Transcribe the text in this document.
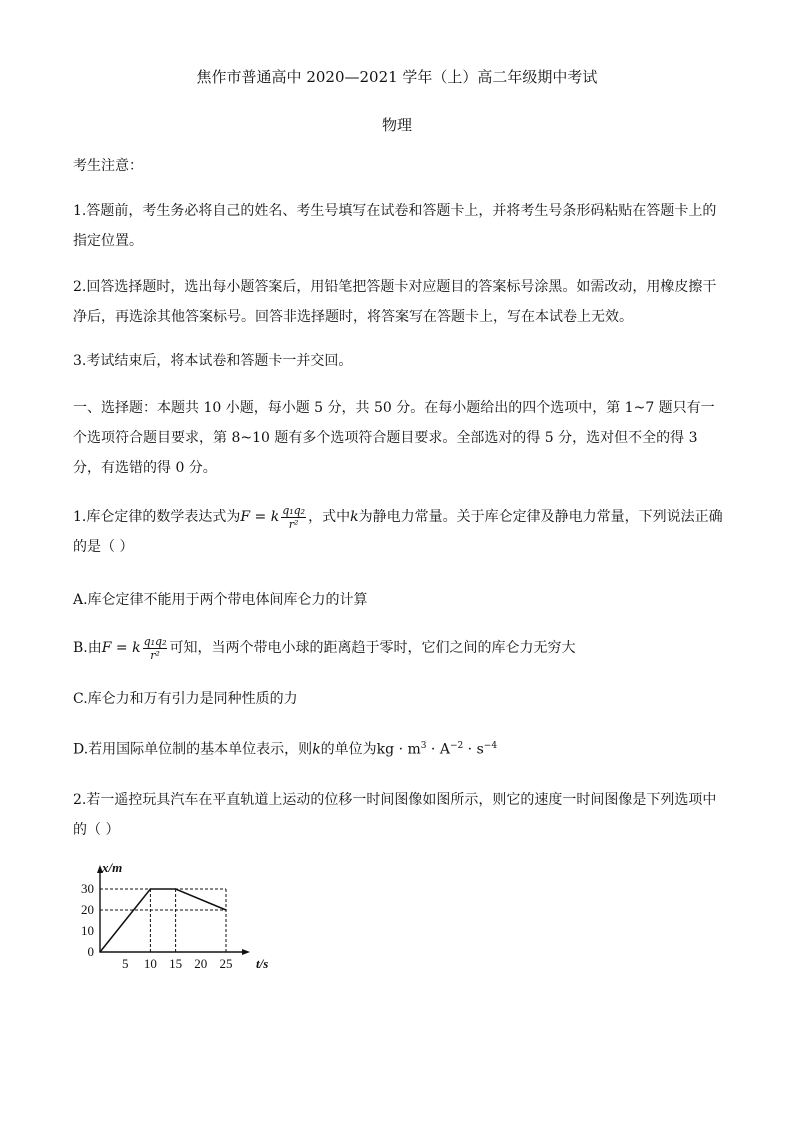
焦作市普通高中 2020—2021 学年（上）高二年级期中考试
物理

考生注意：

1.答题前，考生务必将自己的姓名、考生号填写在试卷和答题卡上，并将考生号条形码粘贴在答题卡上的指定位置。

2.回答选择题时，选出每小题答案后，用铅笔把答题卡对应题目的答案标号涂黑。如需改动，用橡皮擦干净后，再选涂其他答案标号。回答非选择题时，将答案写在答题卡上，写在本试卷上无效。

3.考试结束后，将本试卷和答题卡一并交回。

一、选择题：本题共 10 小题，每小题 5 分，共 50 分。在每小题给出的四个选项中，第 1~7 题只有一个选项符合题目要求，第 8~10 题有多个选项符合题目要求。全部选对的得 5 分，选对但不全的得 3 分，有选错的得 0 分。

1.库仑定律的数学表达式为F = k $\frac{\text{q₁q₂}}{\text{r²}}$ ，式中k为静电力常量。关于库仑定律及静电力常量，下列说法正确的是（ ）

A.库仑定律不能用于两个带电体间库仑力的计算

B.由F = k $\frac{\text{q₁q₂}}{\text{r²}}$ 可知，当两个带电小球的距离趋于零时，它们之间的库仑力无穷大

C.库仑力和万有引力是同种性质的力

D.若用国际单位制的基本单位表示，则k的单位为kg · $m^3 \cdot A^{-2} \cdot s^{-4}$

2.若一遥控玩具汽车在平直轨道上运动的位移一时间图像如图所示，则它的速度一时间图像是下列选项中的（ ）

5 10 15 20 25
0
10
20
30
x/m
t/s
